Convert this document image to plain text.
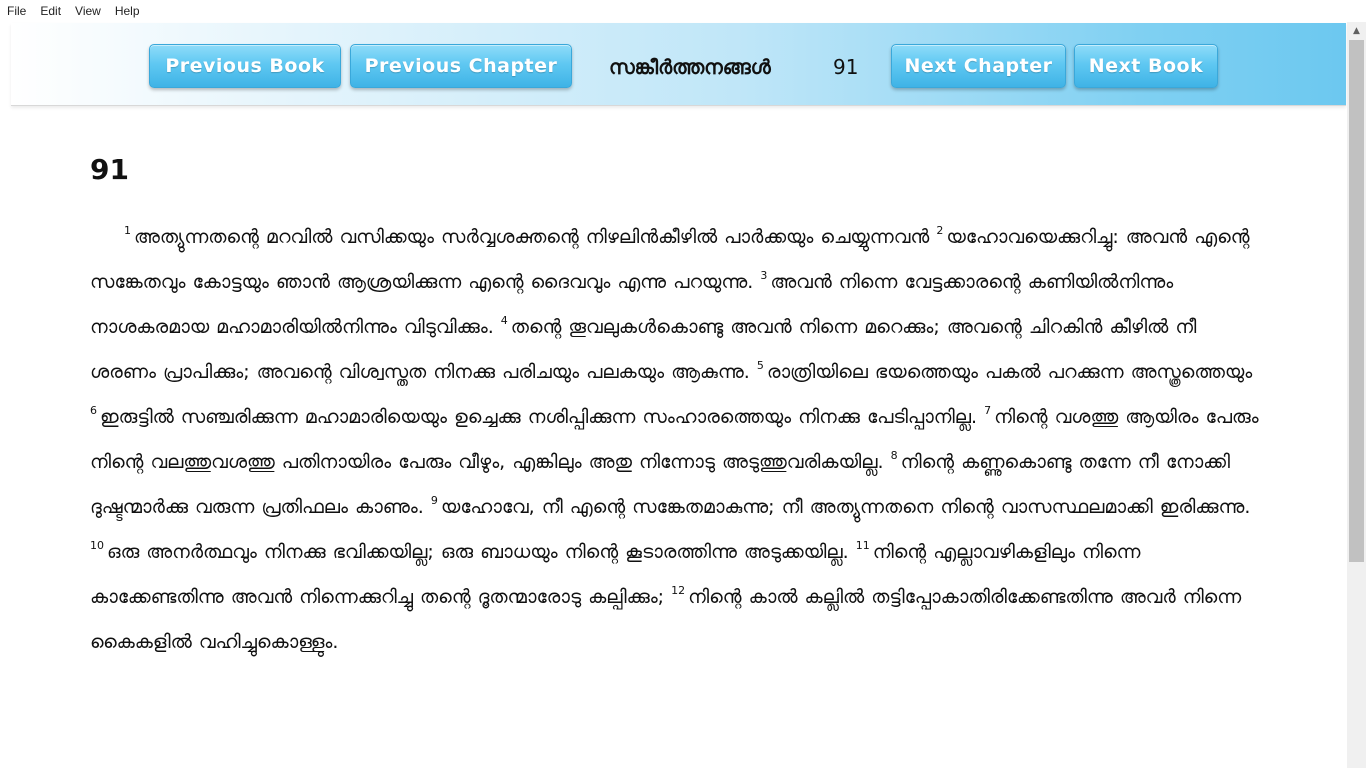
File	Edit	View	Help
Previous Book	Previous Chapter	സങ്കീർത്തനങ്ങൾ	91	Next Chapter	Next Book
▲
91

$^1$ അത്യുന്നതന്റെ മറവിൽ വസിക്കയും സർവ്വശക്തന്റെ നിഴലിൻകീഴിൽ പാർക്കയും ചെയ്യുന്നവൻ $^2$ യഹോവയെക്കുറിച്ചു: അവൻ എന്റെ സങ്കേതവും കോട്ടയും ഞാൻ ആശ്രയിക്കുന്ന എന്റെ ദൈവവും എന്നു പറയുന്നു. $^3$ അവൻ നിന്നെ വേട്ടക്കാരന്റെ കണിയിൽനിന്നും നാശകരമായ മഹാമാരിയിൽനിന്നും വിടുവിക്കും. $^4$ തന്റെ തൂവലുകൾകൊണ്ടു അവൻ നിന്നെ മറെക്കും; അവന്റെ ചിറകിൻ കീഴിൽ നീ ശരണം പ്രാപിക്കും; അവന്റെ വിശ്വസ്തത നിനക്കു പരിചയും പലകയും ആകുന്നു. $^5$ രാത്രിയിലെ ഭയത്തെയും പകൽ പറക്കുന്ന അസ്ത്രത്തെയും $^6$ ഇരുട്ടിൽ സഞ്ചരിക്കുന്ന മഹാമാരിയെയും ഉച്ചെക്കു നശിപ്പിക്കുന്ന സംഹാരത്തെയും നിനക്കു പേടിപ്പാനില്ല. $^7$ നിന്റെ വശത്തു ആയിരം പേരും നിന്റെ വലത്തുവശത്തു പതിനായിരം പേരും വീഴും, എങ്കിലും അതു നിന്നോടു അടുത്തുവരികയില്ല. $^8$ നിന്റെ കണ്ണുകൊണ്ടു തന്നേ നീ നോക്കി ദുഷ്ടന്മാർക്കു വരുന്ന പ്രതിഫലം കാണും. $^9$ യഹോവേ, നീ എന്റെ സങ്കേതമാകുന്നു; നീ അത്യുന്നതനെ നിന്റെ വാസസ്ഥലമാക്കി ഇരിക്കുന്നു. $^{10}$ ഒരു അനർത്ഥവും നിനക്കു ഭവിക്കയില്ല; ഒരു ബാധയും നിന്റെ കൂടാരത്തിന്നു അടുക്കയില്ല. $^{11}$ നിന്റെ എല്ലാവഴികളിലും നിന്നെ കാക്കേണ്ടതിന്നു അവൻ നിന്നെക്കുറിച്ചു തന്റെ ദൂതന്മാരോടു കല്പിക്കും; $^{12}$ നിന്റെ കാൽ കല്ലിൽ തട്ടിപ്പോകാതിരിക്കേണ്ടതിന്നു അവർ നിന്നെ കൈകളിൽ വഹിച്ചുകൊള്ളും.
